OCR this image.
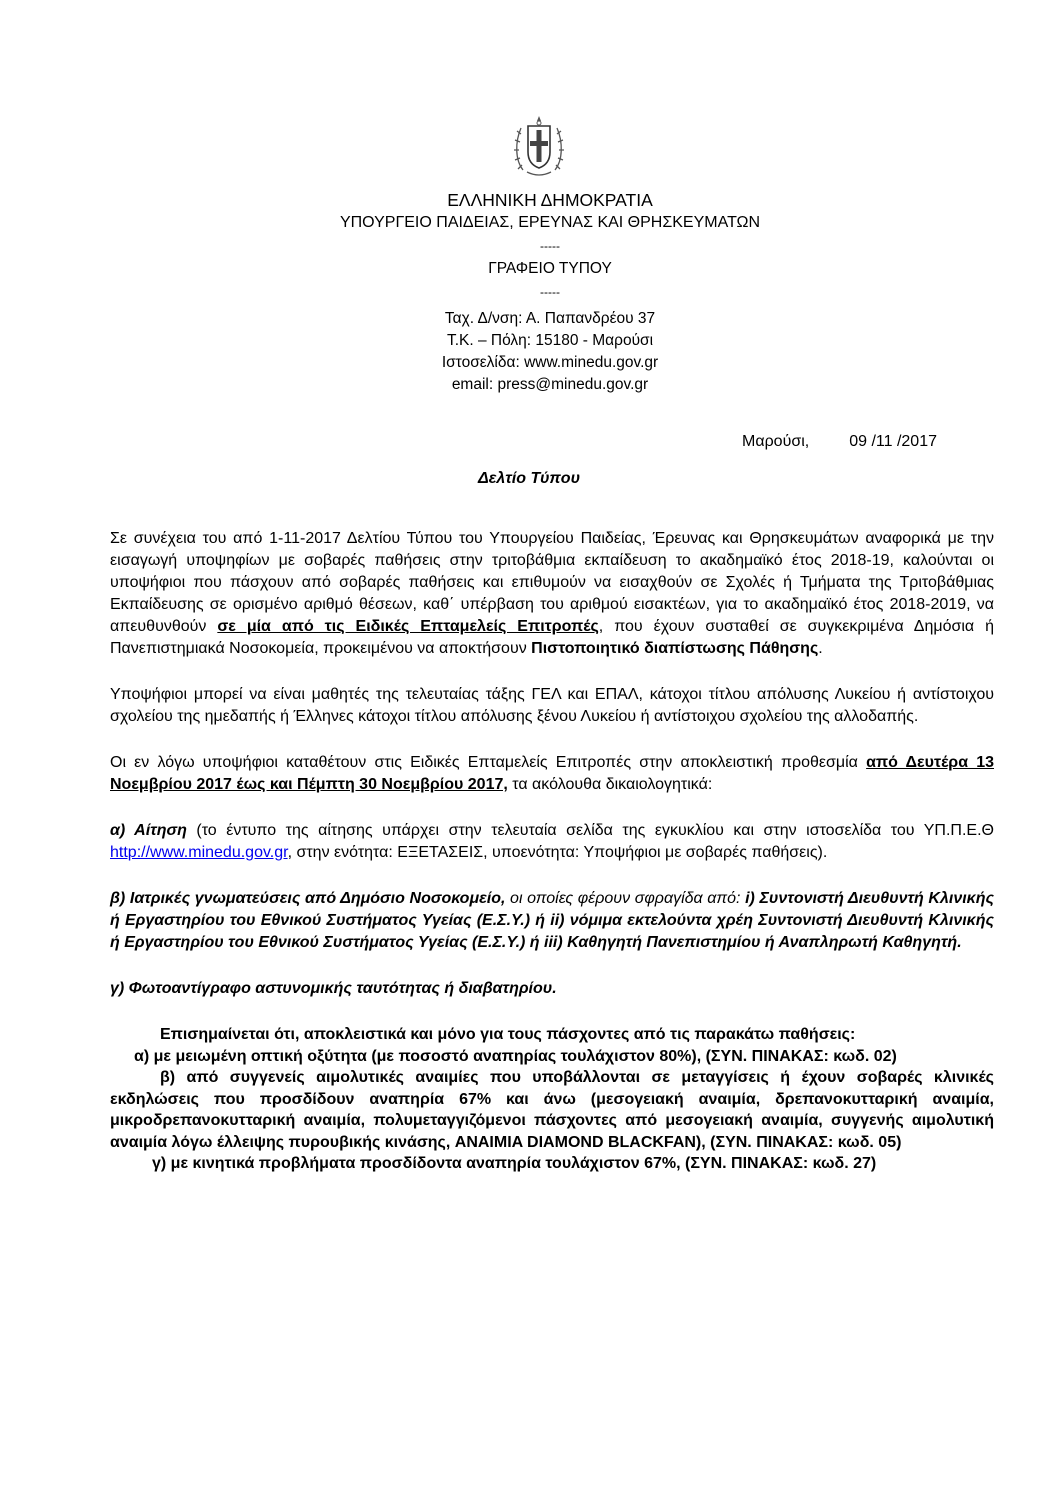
ΕΛΛΗΝΙΚΗ ΔΗΜΟΚΡΑΤΙΑ
ΥΠΟΥΡΓΕΙΟ ΠΑΙΔΕΙΑΣ, ΕΡΕΥΝΑΣ ΚΑΙ ΘΡΗΣΚΕΥΜΑΤΩΝ
-----
ΓΡΑΦΕΙΟ ΤΥΠΟΥ
-----
Ταχ. Δ/νση: Α. Παπανδρέου 37
Τ.Κ. – Πόλη: 15180 - Μαρούσι
Ιστοσελίδα: www.minedu.gov.gr
email: press@minedu.gov.gr
Μαρούσι,	09 /11 /2017
Δελτίο Τύπου

Σε συνέχεια του από 1-11-2017 Δελτίου Τύπου του Υπουργείου Παιδείας, Έρευνας και Θρησκευμάτων αναφορικά με την εισαγωγή υποψηφίων με σοβαρές παθήσεις στην τριτοβάθμια εκπαίδευση το ακαδημαϊκό έτος 2018-19, καλούνται οι υποψήφιοι που πάσχουν από σοβαρές παθήσεις και επιθυμούν να εισαχθούν σε Σχολές ή Τμήματα της Τριτοβάθμιας Εκπαίδευσης σε ορισμένο αριθμό θέσεων, καθ΄ υπέρβαση του αριθμού εισακτέων, για το ακαδημαϊκό έτος 2018-2019, να απευθυνθούν σε μία από τις Ειδικές Επταμελείς Επιτροπές, που έχουν συσταθεί σε συγκεκριμένα Δημόσια ή Πανεπιστημιακά Νοσοκομεία, προκειμένου να αποκτήσουν Πιστοποιητικό διαπίστωσης Πάθησης.

Υποψήφιοι μπορεί να είναι μαθητές της τελευταίας τάξης ΓΕΛ και ΕΠΑΛ, κάτοχοι τίτλου απόλυσης Λυκείου ή αντίστοιχου σχολείου της ημεδαπής ή Έλληνες κάτοχοι τίτλου απόλυσης ξένου Λυκείου ή αντίστοιχου σχολείου της αλλοδαπής.

Οι εν λόγω υποψήφιοι καταθέτουν στις Ειδικές Επταμελείς Επιτροπές στην αποκλειστική προθεσμία από Δευτέρα 13 Νοεμβρίου 2017 έως και Πέμπτη 30 Νοεμβρίου 2017, τα ακόλουθα δικαιολογητικά:

α) Αίτηση (το έντυπο της αίτησης υπάρχει στην τελευταία σελίδα της εγκυκλίου και στην ιστοσελίδα του ΥΠ.Π.Ε.Θ http://www.minedu.gov.gr, στην ενότητα: ΕΞΕΤΑΣΕΙΣ, υποενότητα: Υποψήφιοι με σοβαρές παθήσεις).

β) Ιατρικές γνωματεύσεις από Δημόσιο Νοσοκομείο, οι οποίες φέρουν σφραγίδα από: i) Συντονιστή Διευθυντή Κλινικής ή Εργαστηρίου του Εθνικού Συστήματος Υγείας (Ε.Σ.Υ.) ή ii) νόμιμα εκτελούντα χρέη Συντονιστή Διευθυντή Κλινικής ή Εργαστηρίου του Εθνικού Συστήματος Υγείας (Ε.Σ.Υ.) ή iii) Καθηγητή Πανεπιστημίου ή Αναπληρωτή Καθηγητή.

γ) Φωτοαντίγραφο αστυνομικής ταυτότητας ή διαβατηρίου.

Επισημαίνεται ότι, αποκλειστικά και μόνο για τους πάσχοντες από τις παρακάτω παθήσεις:
α) με μειωμένη οπτική οξύτητα (με ποσοστό αναπηρίας τουλάχιστον 80%), (ΣΥΝ. ΠΙΝΑΚΑΣ: κωδ. 02)
β) από συγγενείς αιμολυτικές αναιμίες που υποβάλλονται σε μεταγγίσεις ή έχουν σοβαρές κλινικές εκδηλώσεις που προσδίδουν αναπηρία 67% και άνω (μεσογειακή αναιμία, δρεπανοκυτταρική αναιμία, μικροδρεπανοκυτταρική αναιμία, πολυμεταγγιζόμενοι πάσχοντες από μεσογειακή αναιμία, συγγενής αιμολυτική αναιμία λόγω έλλειψης πυρουβικής κινάσης, ANAIMIA DIAMOND BLACKFAN), (ΣΥΝ. ΠΙΝΑΚΑΣ: κωδ. 05)
γ) με κινητικά προβλήματα προσδίδοντα αναπηρία τουλάχιστον 67%, (ΣΥΝ. ΠΙΝΑΚΑΣ: κωδ. 27)
